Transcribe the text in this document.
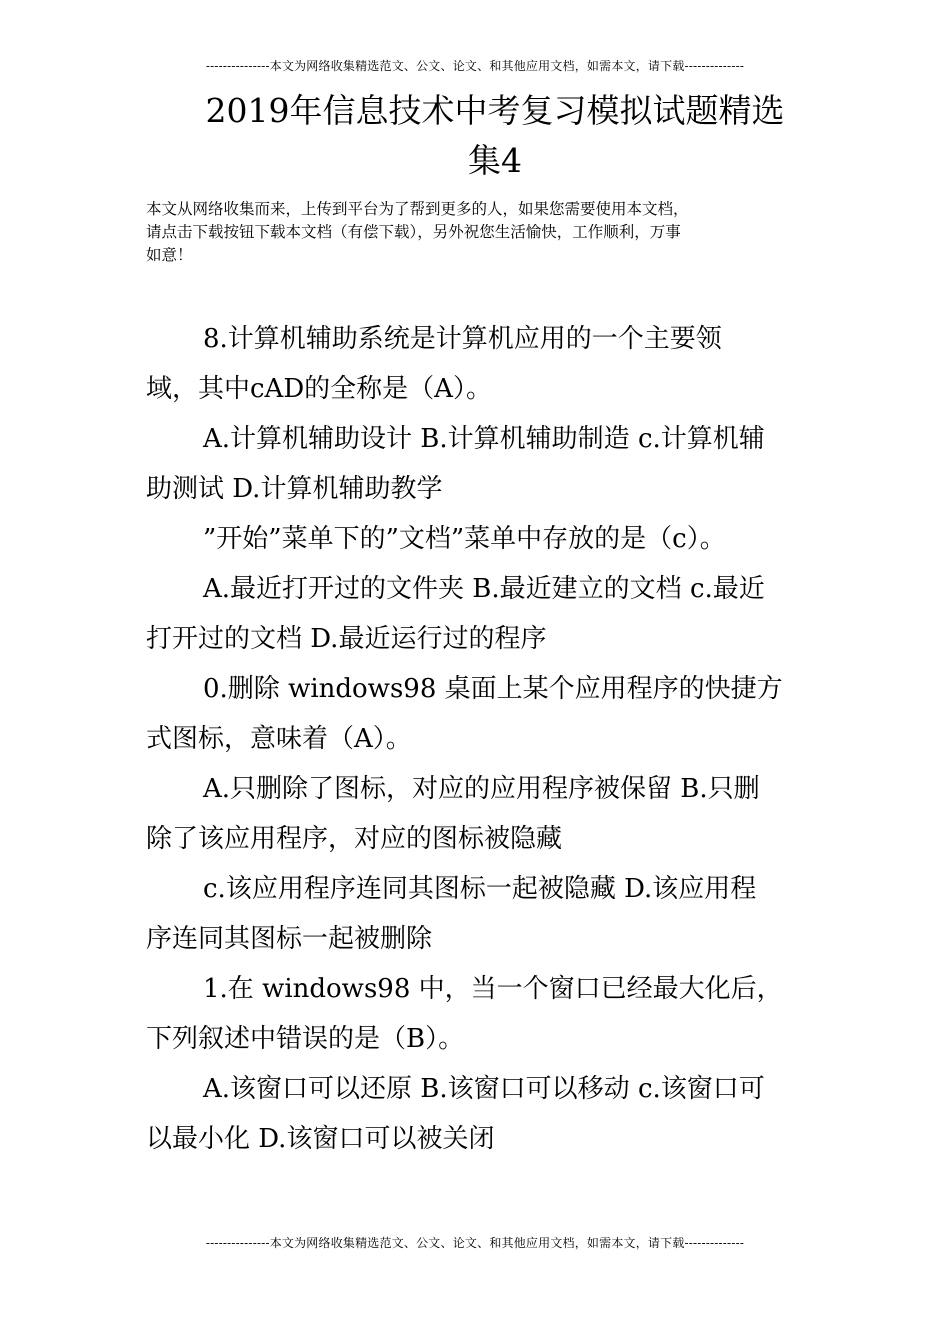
---------------本文为网络收集精选范文、公文、论文、和其他应用文档，如需本文，请下载--------------
2019年信息技术中考复习模拟试题精选
集4
本文从网络收集而来，上传到平台为了帮到更多的人，如果您需要使用本文档，
请点击下载按钮下载本文档（有偿下载），另外祝您生活愉快，工作顺利，万事
如意！
8.计算机辅助系统是计算机应用的一个主要领
域，其中cAD的全称是（A）。
A.计算机辅助设计 B.计算机辅助制造 c.计算机辅
助测试 D.计算机辅助教学
”开始”菜单下的”文档”菜单中存放的是（c）。
A.最近打开过的文件夹 B.最近建立的文档 c.最近
打开过的文档 D.最近运行过的程序
0.删除 windows98 桌面上某个应用程序的快捷方
式图标，意味着（A）。
A.只删除了图标，对应的应用程序被保留 B.只删
除了该应用程序，对应的图标被隐藏
c.该应用程序连同其图标一起被隐藏 D.该应用程
序连同其图标一起被删除
1.在 windows98 中，当一个窗口已经最大化后，
下列叙述中错误的是（B）。
A.该窗口可以还原 B.该窗口可以移动 c.该窗口可
以最小化 D.该窗口可以被关闭
---------------本文为网络收集精选范文、公文、论文、和其他应用文档，如需本文，请下载--------------
